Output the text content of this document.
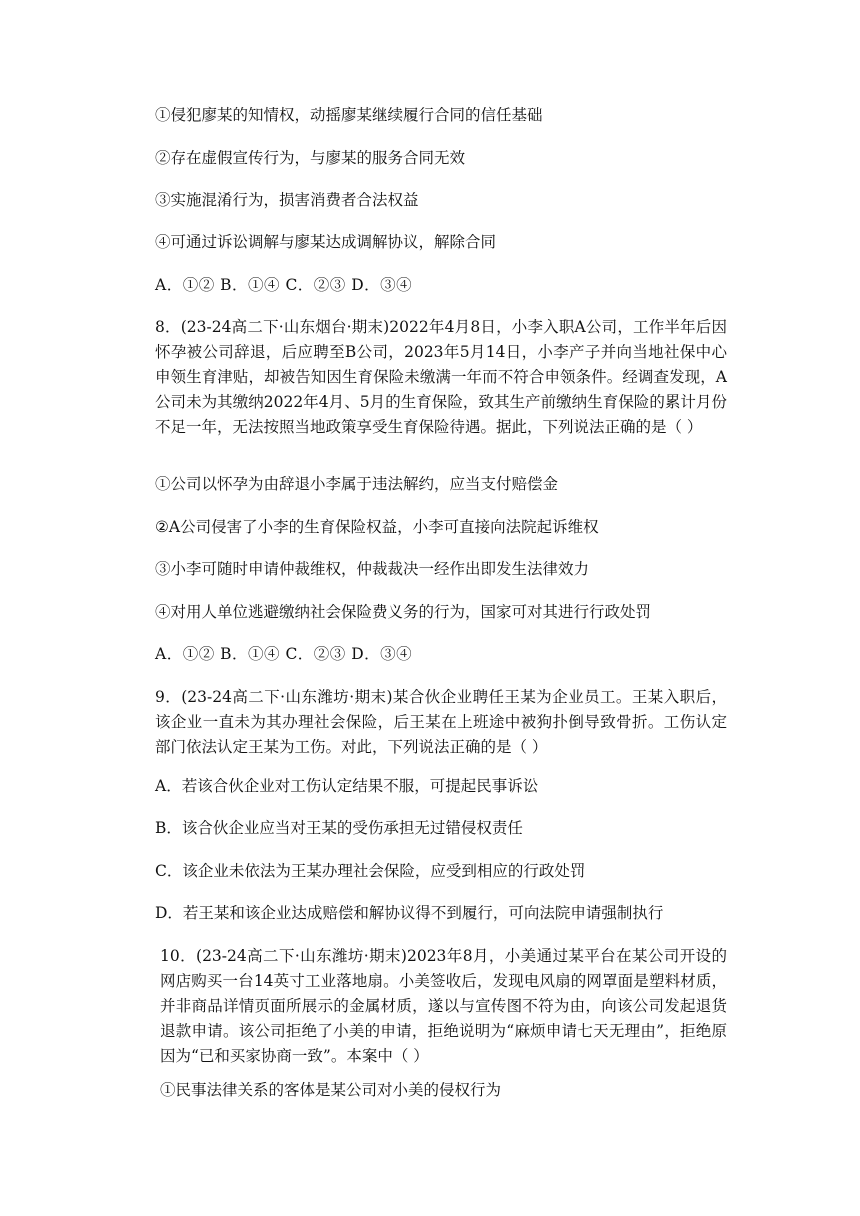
①侵犯廖某的知情权，动摇廖某继续履行合同的信任基础
②存在虚假宣传行为，与廖某的服务合同无效
③实施混淆行为，损害消费者合法权益
④可通过诉讼调解与廖某达成调解协议，解除合同
A．①② B．①④ C．②③ D．③④
8．(23-24高二下·山东烟台·期末)2022年4月8日，小李入职A公司，工作半年后因怀孕被公司辞退，后应聘至B公司，2023年5月14日，小李产子并向当地社保中心申领生育津贴，却被告知因生育保险未缴满一年而不符合申领条件。经调查发现，A公司未为其缴纳2022年4月、5月的生育保险，致其生产前缴纳生育保险的累计月份不足一年，无法按照当地政策享受生育保险待遇。据此，下列说法正确的是（ ）
①公司以怀孕为由辞退小李属于违法解约，应当支付赔偿金
②A公司侵害了小李的生育保险权益，小李可直接向法院起诉维权
③小李可随时申请仲裁维权，仲裁裁决一经作出即发生法律效力
④对用人单位逃避缴纳社会保险费义务的行为，国家可对其进行行政处罚
A．①② B．①④ C．②③ D．③④
9．(23-24高二下·山东潍坊·期末)某合伙企业聘任王某为企业员工。王某入职后，该企业一直未为其办理社会保险，后王某在上班途中被狗扑倒导致骨折。工伤认定部门依法认定王某为工伤。对此，下列说法正确的是（ ）
A．若该合伙企业对工伤认定结果不服，可提起民事诉讼
B．该合伙企业应当对王某的受伤承担无过错侵权责任
C．该企业未依法为王某办理社会保险，应受到相应的行政处罚
D．若王某和该企业达成赔偿和解协议得不到履行，可向法院申请强制执行
10．(23-24高二下·山东潍坊·期末)2023年8月，小美通过某平台在某公司开设的网店购买一台14英寸工业落地扇。小美签收后，发现电风扇的网罩面是塑料材质，并非商品详情页面所展示的金属材质，遂以与宣传图不符为由，向该公司发起退货退款申请。该公司拒绝了小美的申请，拒绝说明为“麻烦申请七天无理由”，拒绝原因为“已和买家协商一致”。本案中（ ）
①民事法律关系的客体是某公司对小美的侵权行为
